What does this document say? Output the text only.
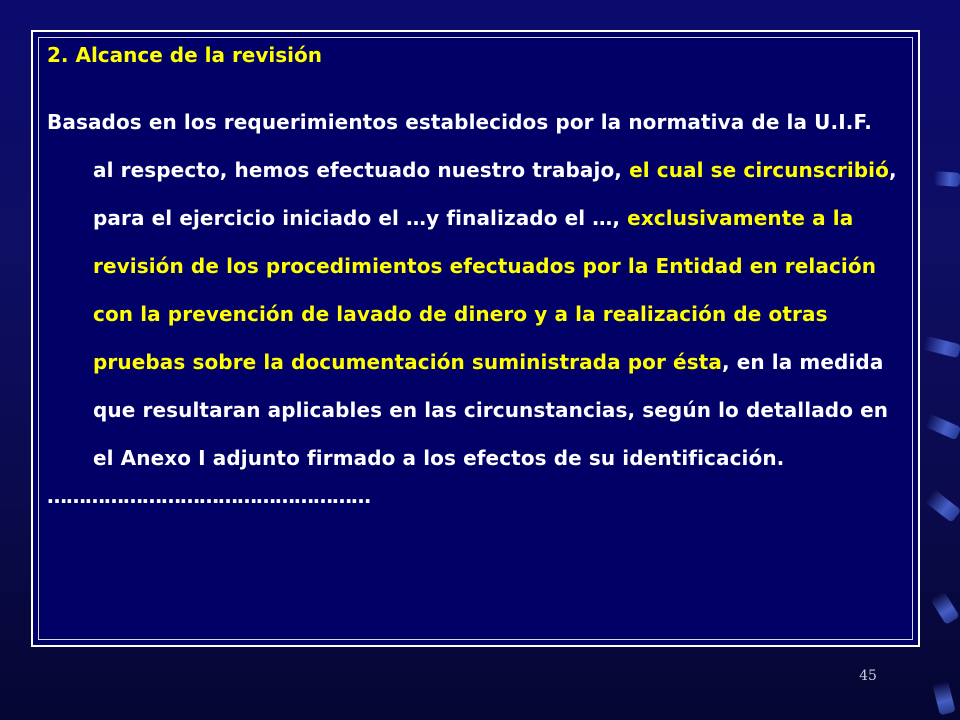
2. Alcance de la revisión

Basados en los requerimientos establecidos por la normativa de la U.I.F. al respecto, hemos efectuado nuestro trabajo, el cual se circunscribió, para el ejercicio iniciado el …y finalizado el …, exclusivamente a la revisión de los procedimientos efectuados por la Entidad en relación con la prevención de lavado de dinero y a la realización de otras pruebas sobre la documentación suministrada por ésta, en la medida que resultaran aplicables en las circunstancias, según lo detallado en el Anexo I adjunto firmado a los efectos de su identificación.

……………………………………………

45
